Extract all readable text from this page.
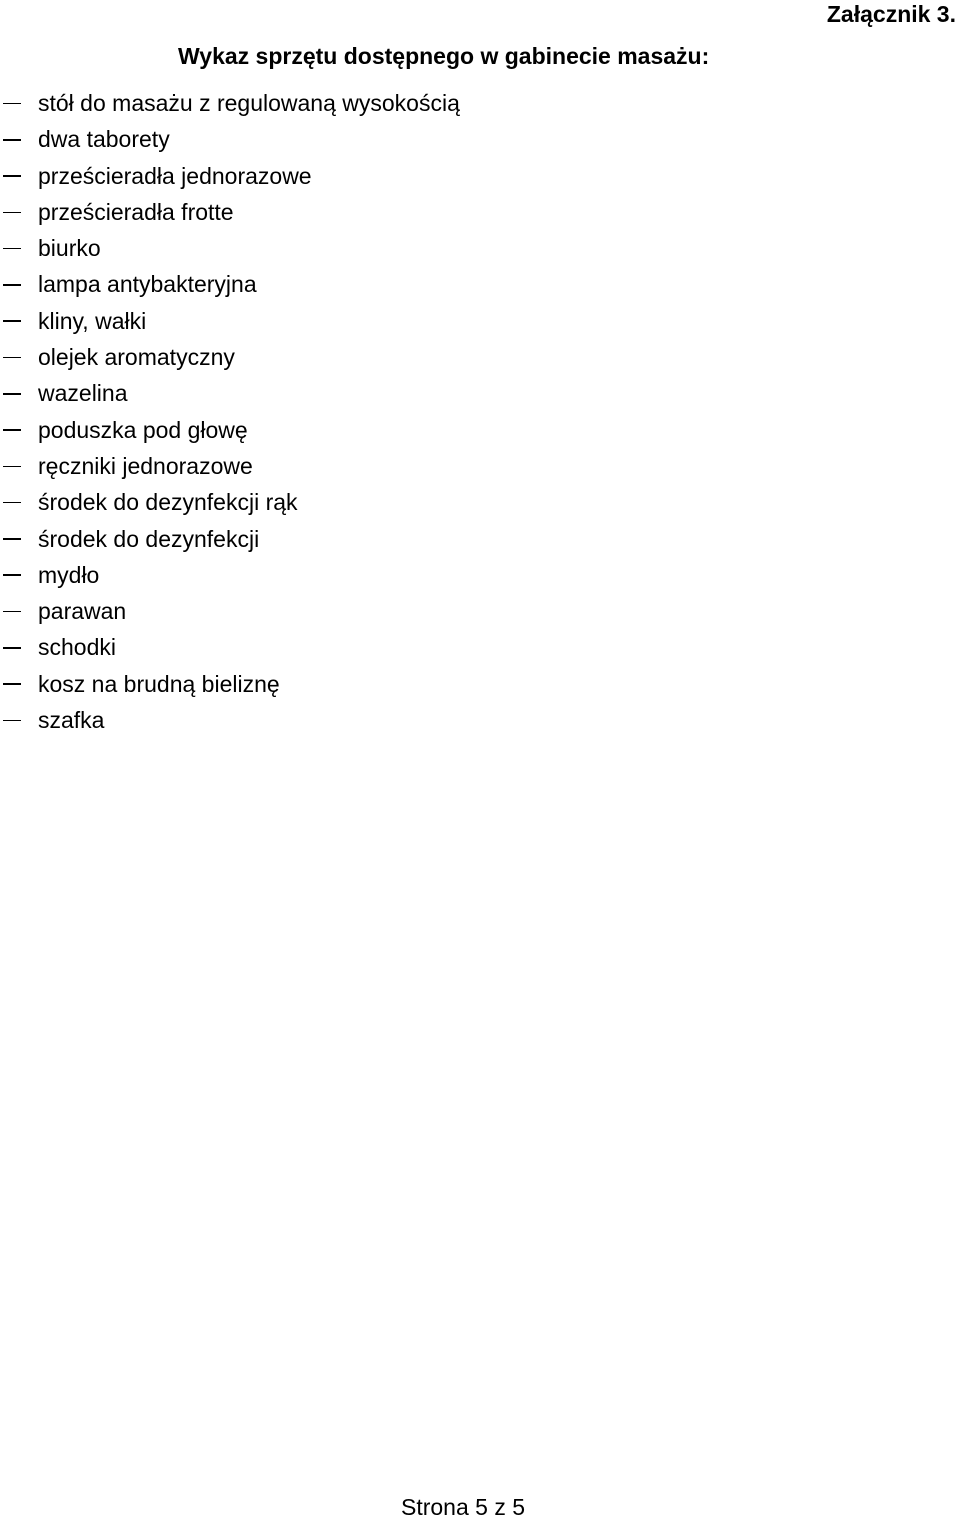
Załącznik 3.
Wykaz sprzętu dostępnego w gabinecie masażu:
stół do masażu z regulowaną wysokością
dwa taborety
prześcieradła jednorazowe
prześcieradła frotte
biurko
lampa antybakteryjna
kliny, wałki
olejek aromatyczny
wazelina
poduszka pod głowę
ręczniki jednorazowe
środek do dezynfekcji rąk
środek do dezynfekcji
mydło
parawan
schodki
kosz na brudną bieliznę
szafka
Strona 5 z 5
